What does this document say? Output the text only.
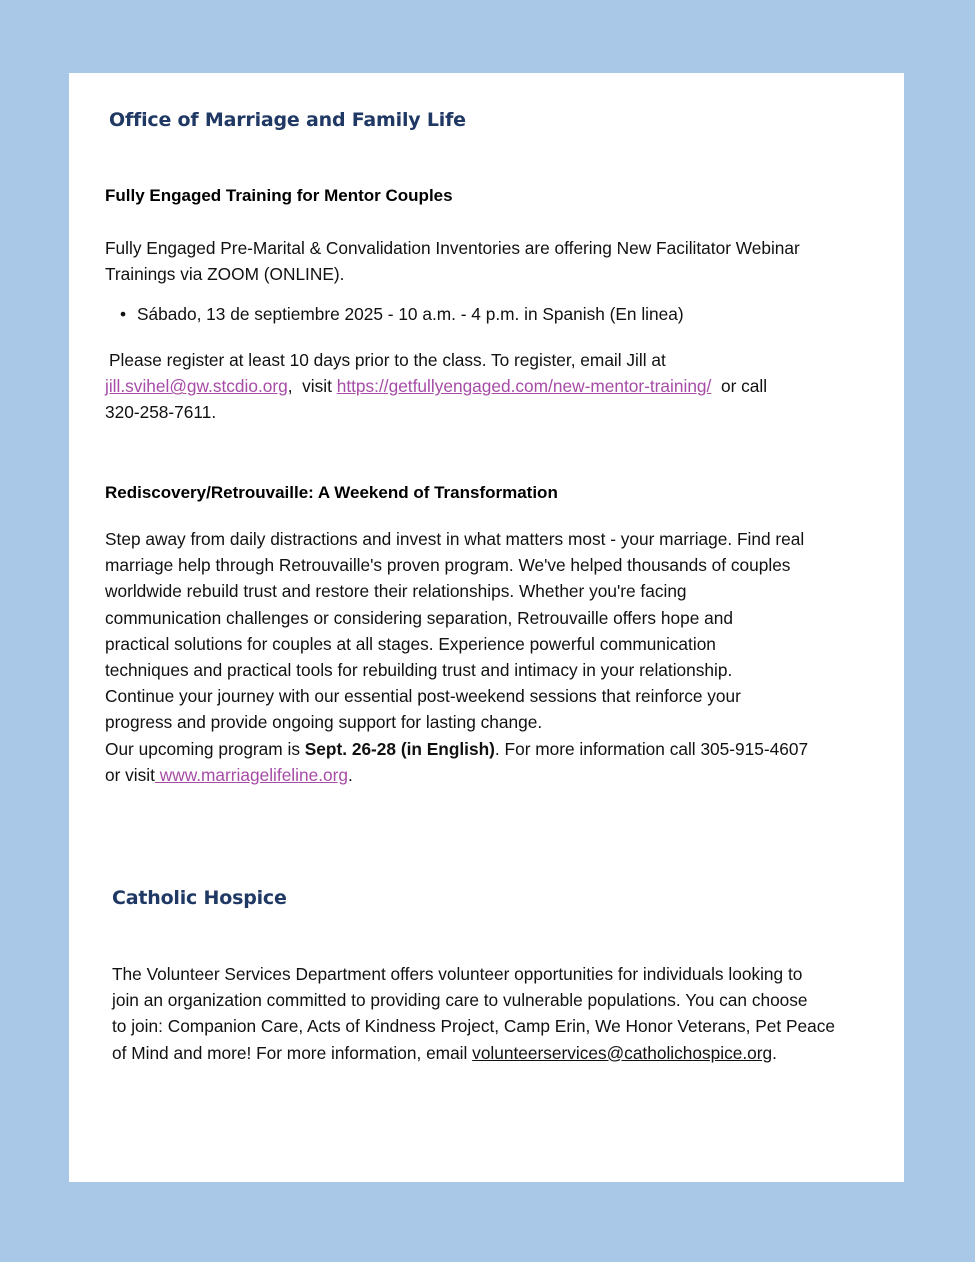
Office of Marriage and Family Life
Fully Engaged Training for Mentor Couples

Fully Engaged Pre-Marital & Convalidation Inventories are offering New Facilitator Webinar
Trainings via ZOOM (ONLINE).

• Sábado, 13 de septiembre 2025 - 10 a.m. - 4 p.m. in Spanish (En linea)

Please register at least 10 days prior to the class. To register, email Jill at
jill.svihel@gw.stcdio.org,  visit https://getfullyengaged.com/new-mentor-training/  or call
320-258-7611.

Rediscovery/Retrouvaille: A Weekend of Transformation

Step away from daily distractions and invest in what matters most - your marriage. Find real
marriage help through Retrouvaille's proven program. We've helped thousands of couples
worldwide rebuild trust and restore their relationships. Whether you're facing
communication challenges or considering separation, Retrouvaille offers hope and
practical solutions for couples at all stages. Experience powerful communication
techniques and practical tools for rebuilding trust and intimacy in your relationship.
Continue your journey with our essential post-weekend sessions that reinforce your
progress and provide ongoing support for lasting change.
Our upcoming program is Sept. 26-28 (in English). For more information call 305-915-4607
or visit www.marriagelifeline.org.

Catholic Hospice

The Volunteer Services Department offers volunteer opportunities for individuals looking to
join an organization committed to providing care to vulnerable populations. You can choose
to join: Companion Care, Acts of Kindness Project, Camp Erin, We Honor Veterans, Pet Peace
of Mind and more! For more information, email volunteerservices@catholichospice.org.
